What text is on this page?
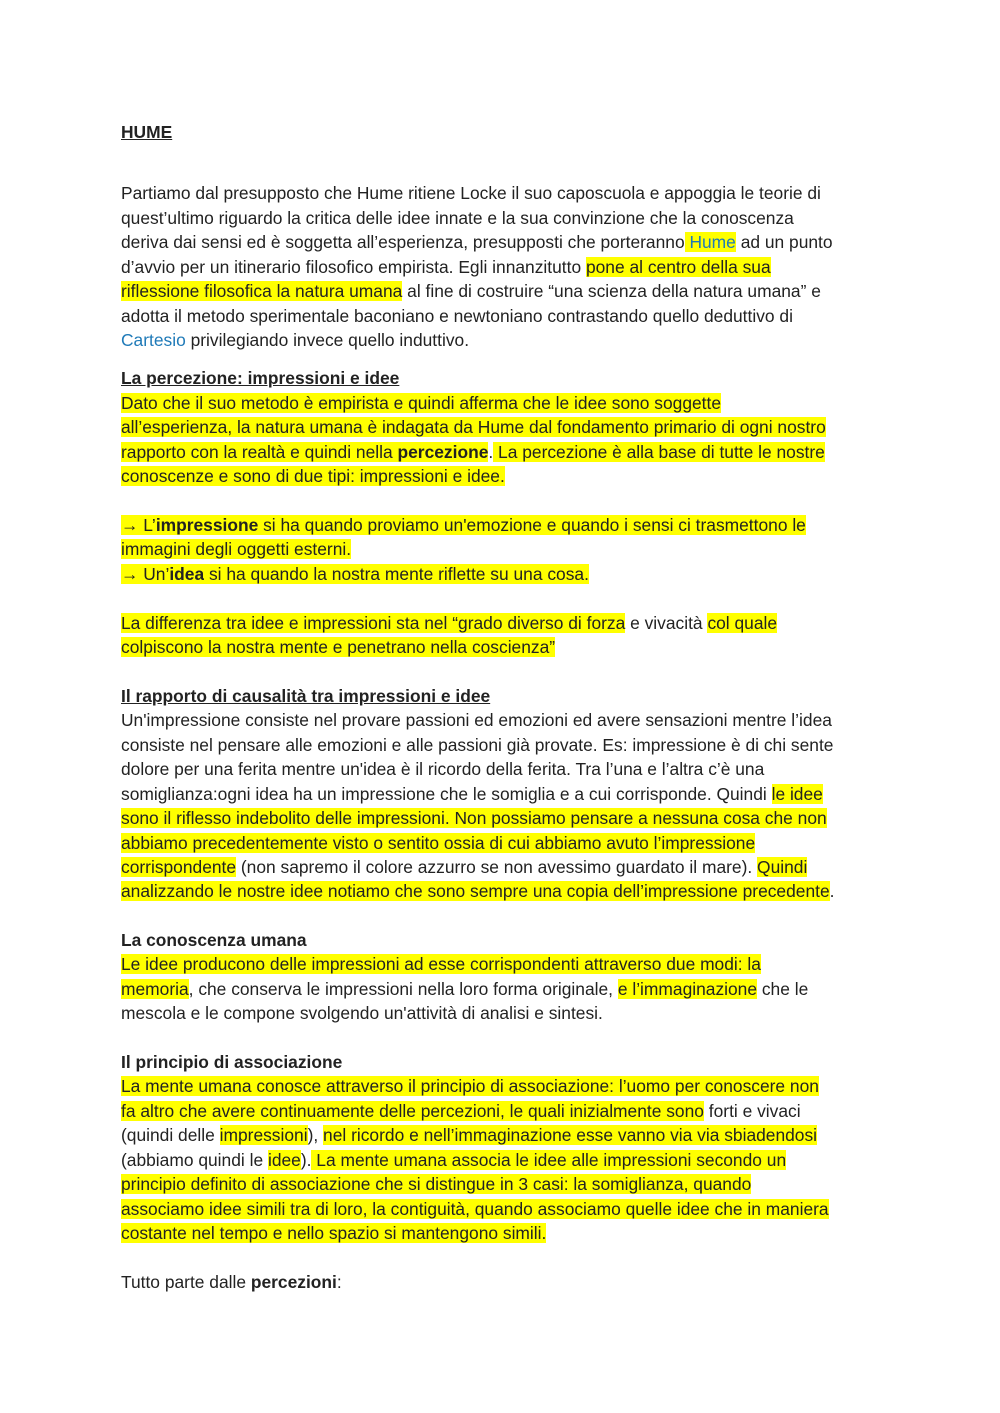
HUME
Partiamo dal presupposto che Hume ritiene Locke il suo caposcuola e appoggia le teorie di
quest’ultimo riguardo la critica delle idee innate e la sua convinzione che la conoscenza
deriva dai sensi ed è soggetta all’esperienza, presupposti che porteranno Hume ad un punto
d’avvio per un itinerario filosofico empirista. Egli innanzitutto pone al centro della sua
riflessione filosofica la natura umana al fine di costruire “una scienza della natura umana” e
adotta il metodo sperimentale baconiano e newtoniano contrastando quello deduttivo di
Cartesio privilegiando invece quello induttivo.
La percezione: impressioni e idee
Dato che il suo metodo è empirista e quindi afferma che le idee sono soggette
all’esperienza, la natura umana è indagata da Hume dal fondamento primario di ogni nostro
rapporto con la realtà e quindi nella percezione. La percezione è alla base di tutte le nostre
conoscenze e sono di due tipi: impressioni e idee.
→ L’impressione si ha quando proviamo un'emozione e quando i sensi ci trasmettono le
immagini degli oggetti esterni.
→ Un’idea si ha quando la nostra mente riflette su una cosa.
La differenza tra idee e impressioni sta nel “grado diverso di forza e vivacità col quale
colpiscono la nostra mente e penetrano nella coscienza”
Il rapporto di causalità tra impressioni e idee
Un'impressione consiste nel provare passioni ed emozioni ed avere sensazioni mentre l’idea
consiste nel pensare alle emozioni e alle passioni già provate. Es: impressione è di chi sente
dolore per una ferita mentre un'idea è il ricordo della ferita. Tra l’una e l’altra c’è una
somiglianza:ogni idea ha un impressione che le somiglia e a cui corrisponde. Quindi le idee
sono il riflesso indebolito delle impressioni. Non possiamo pensare a nessuna cosa che non
abbiamo precedentemente visto o sentito ossia di cui abbiamo avuto l’impressione
corrispondente (non sapremo il colore azzurro se non avessimo guardato il mare). Quindi
analizzando le nostre idee notiamo che sono sempre una copia dell’impressione precedente.
La conoscenza umana
Le idee producono delle impressioni ad esse corrispondenti attraverso due modi: la
memoria, che conserva le impressioni nella loro forma originale, e l’immaginazione che le
mescola e le compone svolgendo un'attività di analisi e sintesi.
Il principio di associazione
La mente umana conosce attraverso il principio di associazione: l’uomo per conoscere non
fa altro che avere continuamente delle percezioni, le quali inizialmente sono forti e vivaci
(quindi delle impressioni), nel ricordo e nell’immaginazione esse vanno via via sbiadendosi
(abbiamo quindi le idee). La mente umana associa le idee alle impressioni secondo un
principio definito di associazione che si distingue in 3 casi: la somiglianza, quando
associamo idee simili tra di loro, la contiguità, quando associamo quelle idee che in maniera
costante nel tempo e nello spazio si mantengono simili.
Tutto parte dalle percezioni:
